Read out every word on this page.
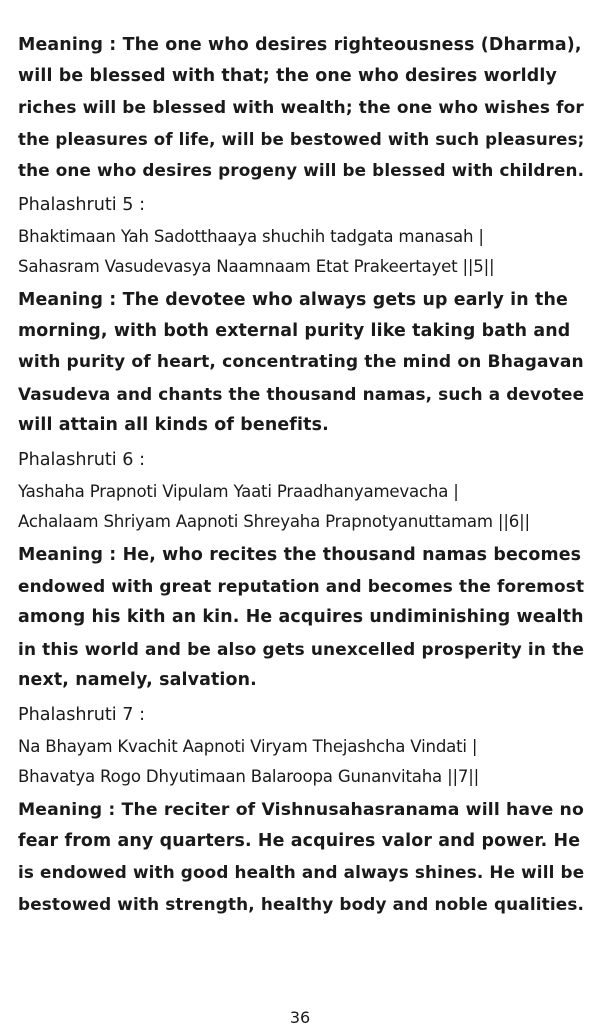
Meaning : The one who desires righteousness (Dharma),
will be blessed with that; the one who desires worldly
riches will be blessed with wealth; the one who wishes for
the pleasures of life, will be bestowed with such pleasures;
the one who desires progeny will be blessed with children.
Phalashruti 5 :
Bhaktimaan Yah Sadotthaaya shuchih tadgata manasah |
Sahasram Vasudevasya Naamnaam Etat Prakeertayet ||5||
Meaning : The devotee who always gets up early in the
morning, with both external purity like taking bath and
with purity of heart, concentrating the mind on Bhagavan
Vasudeva and chants the thousand namas, such a devotee
will attain all kinds of benefits.
Phalashruti 6 :
Yashaha Prapnoti Vipulam Yaati Praadhanyamevacha |
Achalaam Shriyam Aapnoti Shreyaha Prapnotyanuttamam ||6||
Meaning : He, who recites the thousand namas becomes
endowed with great reputation and becomes the foremost
among his kith an kin. He acquires undiminishing wealth
in this world and be also gets unexcelled prosperity in the
next, namely, salvation.
Phalashruti 7 :
Na Bhayam Kvachit Aapnoti Viryam Thejashcha Vindati |
Bhavatya Rogo Dhyutimaan Balaroopa Gunanvitaha ||7||
Meaning : The reciter of Vishnusahasranama will have no
fear from any quarters. He acquires valor and power. He
is endowed with good health and always shines. He will be
bestowed with strength, healthy body and noble qualities.
36
